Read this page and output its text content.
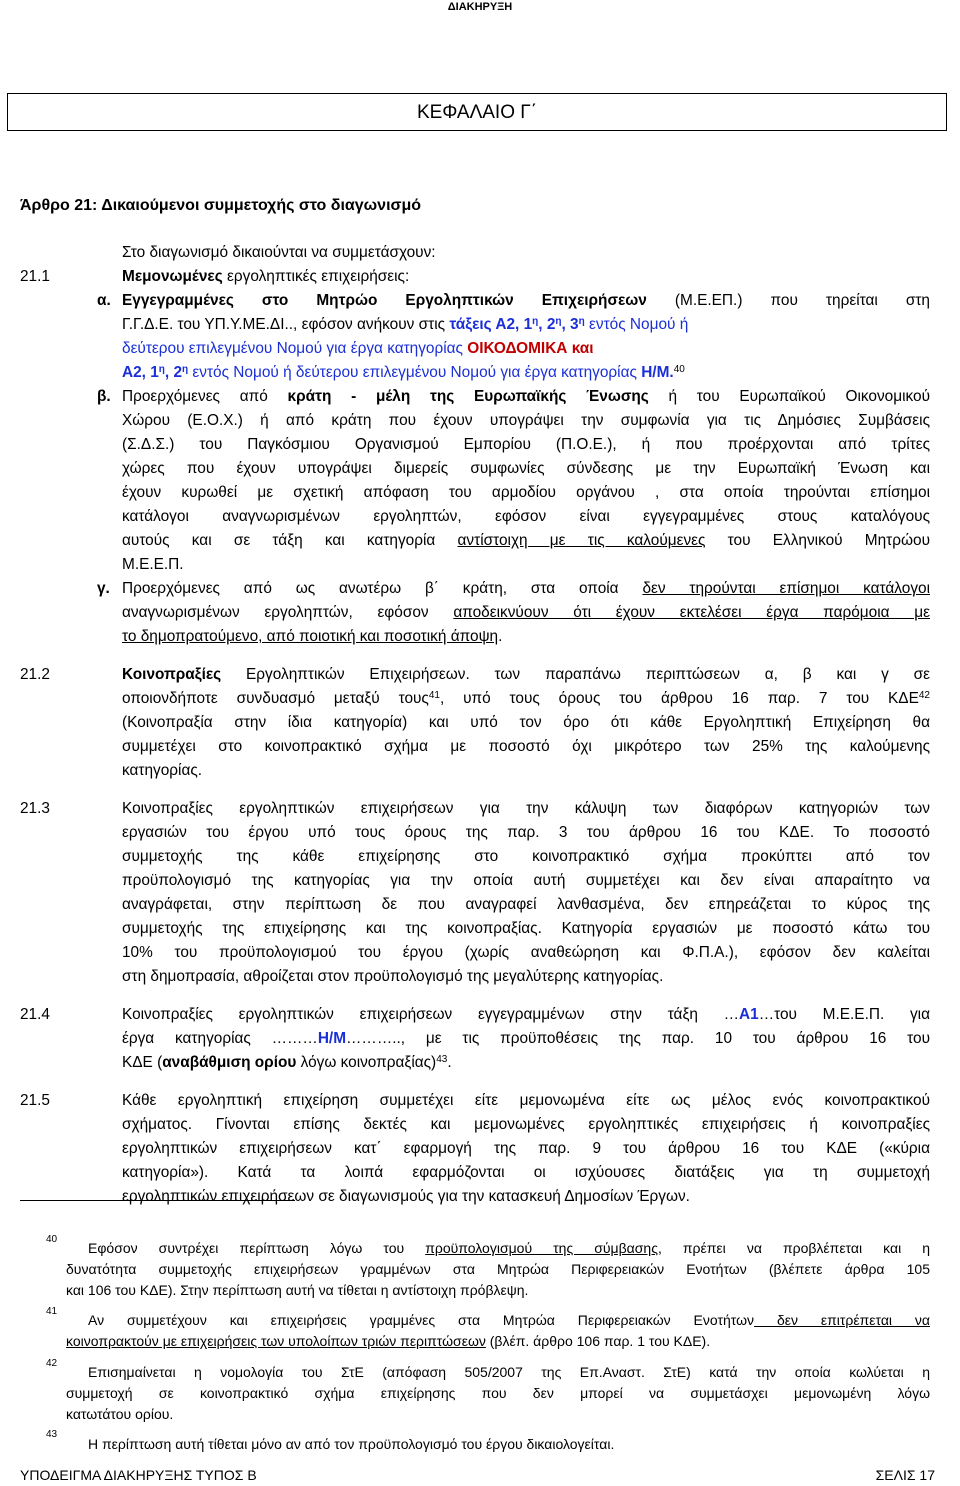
ΔΙΑΚΗΡΥΞΗ
ΚΕΦΑΛΑΙΟ Γ΄
Άρθρο 21: Δικαιούμενοι συμμετοχής στο διαγωνισμό
Στο διαγωνισμό δικαιούνται να συμμετάσχουν:
21.1	Μεμονωμένες εργοληπτικές επιχειρήσεις:
α. Εγγεγραμμένες στο Μητρώο Εργοληπτικών Επιχειρήσεων (Μ.Ε.ΕΠ.) που τηρείται στη
Γ.Γ.Δ.Ε. του ΥΠ.Υ.ΜΕ.ΔΙ.., εφόσον ανήκουν στις τάξεις Α2, $1^\eta$, $2^\eta$, $3^\eta$ εντός Νομού ή
δεύτερου επιλεγμένου Νομού για έργα κατηγορίας ΟΙΚΟΔΟΜΙΚΑ και
Α2, $1^\eta$, $2^\eta$ εντός Νομού ή δεύτερου επιλεγμένου Νομού για έργα κατηγορίας Η/Μ.$^{40}$
β. Προερχόμενες από κράτη - μέλη της Ευρωπαϊκής Ένωσης ή του Ευρωπαϊκού Οικονομικού
Χώρου (Ε.Ο.Χ.) ή από κράτη που έχουν υπογράψει την συμφωνία για τις Δημόσιες Συμβάσεις
(Σ.Δ.Σ.) του Παγκόσμιου Οργανισμού Εμπορίου (Π.Ο.Ε.), ή που προέρχονται από τρίτες
χώρες που έχουν υπογράψει διμερείς συμφωνίες σύνδεσης με την Ευρωπαϊκή Ένωση και
έχουν κυρωθεί με σχετική απόφαση του αρμοδίου οργάνου , στα οποία τηρούνται επίσημοι
κατάλογοι αναγνωρισμένων εργοληπτών, εφόσον είναι εγγεγραμμένες στους καταλόγους
αυτούς και σε τάξη και κατηγορία αντίστοιχη με τις καλούμενες του Ελληνικού Μητρώου
Μ.Ε.Ε.Π.
γ. Προερχόμενες από ως ανωτέρω β΄ κράτη, στα οποία δεν τηρούνται επίσημοι κατάλογοι
αναγνωρισμένων εργοληπτών, εφόσον αποδεικνύουν ότι έχουν εκτελέσει έργα παρόμοια με
το δημοπρατούμενο, από ποιοτική και ποσοτική άποψη.
21.2	Κοινοπραξίες Εργοληπτικών Επιχειρήσεων. των παραπάνω περιπτώσεων α, β και γ σε
οποιονδήποτε συνδυασμό μεταξύ τους$^{41}$, υπό τους όρους του άρθρου 16 παρ. 7 του ΚΔΕ$^{42}$
(Κοινοπραξία στην ίδια κατηγορία) και υπό τον όρο ότι κάθε Εργοληπτική Επιχείρηση θα
συμμετέχει στο κοινοπρακτικό σχήμα με ποσοστό όχι μικρότερο των 25% της καλούμενης
κατηγορίας.
21.3	Κοινοπραξίες εργοληπτικών επιχειρήσεων για την κάλυψη των διαφόρων κατηγοριών των
εργασιών του έργου υπό τους όρους της παρ. 3 του άρθρου 16 του ΚΔΕ. Το ποσοστό
συμμετοχής της κάθε επιχείρησης στο κοινοπρακτικό σχήμα προκύπτει από τον
προϋπολογισμό της κατηγορίας για την οποία αυτή συμμετέχει και δεν είναι απαραίτητο να
αναγράφεται, στην περίπτωση δε που αναγραφεί λανθασμένα, δεν επηρεάζεται το κύρος της
συμμετοχής της επιχείρησης και της κοινοπραξίας. Κατηγορία εργασιών με ποσοστό κάτω του
10% του προϋπολογισμού του έργου (χωρίς αναθεώρηση και Φ.Π.Α.), εφόσον δεν καλείται
στη δημοπρασία, αθροίζεται στον προϋπολογισμό της μεγαλύτερης κατηγορίας.
21.4	Κοινοπραξίες εργοληπτικών επιχειρήσεων εγγεγραμμένων στην τάξη …Α1…του Μ.Ε.Ε.Π. για
έργα κατηγορίας ………Η/Μ……….., με τις προϋποθέσεις της παρ. 10 του άρθρου 16 του
ΚΔΕ (αναβάθμιση ορίου λόγω κοινοπραξίας)$^{43}$.
21.5	Κάθε εργοληπτική επιχείρηση συμμετέχει είτε μεμονωμένα είτε ως μέλος ενός κοινοπρακτικού
σχήματος. Γίνονται επίσης δεκτές και μεμονωμένες εργοληπτικές επιχειρήσεις ή κοινοπραξίες
εργοληπτικών επιχειρήσεων κατ΄ εφαρμογή της παρ. 9 του άρθρου 16 του ΚΔΕ («κύρια
κατηγορία»). Κατά τα λοιπά εφαρμόζονται οι ισχύουσες διατάξεις για τη συμμετοχή
εργοληπτικών επιχειρήσεων σε διαγωνισμούς για την κατασκευή Δημοσίων Έργων.
40
Εφόσον συντρέχει περίπτωση λόγω του προϋπολογισμού της σύμβασης, πρέπει να προβλέπεται και η
δυνατότητα συμμετοχής επιχειρήσεων γραμμένων στα Μητρώα Περιφερειακών Ενοτήτων (βλέπετε άρθρα 105
και 106 του ΚΔΕ). Στην περίπτωση αυτή να τίθεται η αντίστοιχη πρόβλεψη.
41
Αν συμμετέχουν και επιχειρήσεις γραμμένες στα Μητρώα Περιφερειακών Ενοτήτων δεν επιτρέπεται να
κοινοπρακτούν με επιχειρήσεις των υπολοίπων τριών περιπτώσεων (βλέπ. άρθρο 106 παρ. 1 του ΚΔΕ).
42
Επισημαίνεται η νομολογία του ΣτΕ (απόφαση 505/2007 της Επ.Αναστ. ΣτΕ) κατά την οποία κωλύεται η
συμμετοχή σε κοινοπρακτικό σχήμα επιχείρησης που δεν μπορεί να συμμετάσχει μεμονωμένη λόγω
κατωτάτου ορίου.
43
Η περίπτωση αυτή τίθεται μόνο αν από τον προϋπολογισμό του έργου δικαιολογείται.
ΥΠΟΔΕΙΓΜΑ ΔΙΑΚΗΡΥΞΗΣ ΤΥΠΟΣ Β	ΣΕΛΙΣ 17
